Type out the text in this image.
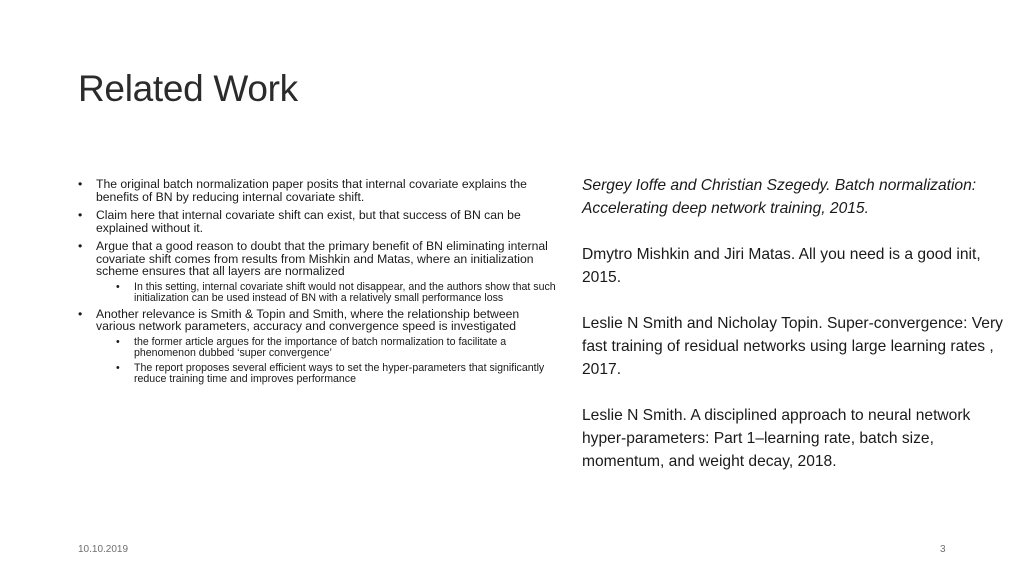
Related Work
• The original batch normalization paper posits that internal covariate explains the benefits of BN by reducing internal covariate shift.
• Claim here that internal covariate shift can exist, but that success of BN can be explained without it.
• Argue that a good reason to doubt that the primary benefit of BN eliminating internal covariate shift comes from results from Mishkin and Matas, where an initialization scheme ensures that all layers are normalized
• In this setting, internal covariate shift would not disappear, and the authors show that such initialization can be used instead of BN with a relatively small performance loss
• Another relevance is Smith & Topin and Smith, where the relationship between various network parameters, accuracy and convergence speed is investigated
• the former article argues for the importance of batch normalization to facilitate a phenomenon dubbed ‘super convergence’
• The report proposes several efficient ways to set the hyper-parameters that significantly reduce training time and improves performance

Sergey Ioffe and Christian Szegedy. Batch normalization: Accelerating deep network training, 2015.

Dmytro Mishkin and Jiri Matas. All you need is a good init, 2015.

Leslie N Smith and Nicholay Topin. Super-convergence: Very fast training of residual networks using large learning rates , 2017.

Leslie N Smith. A disciplined approach to neural network hyper-parameters: Part 1–learning rate, batch size, momentum, and weight decay, 2018.

10.10.2019	3
